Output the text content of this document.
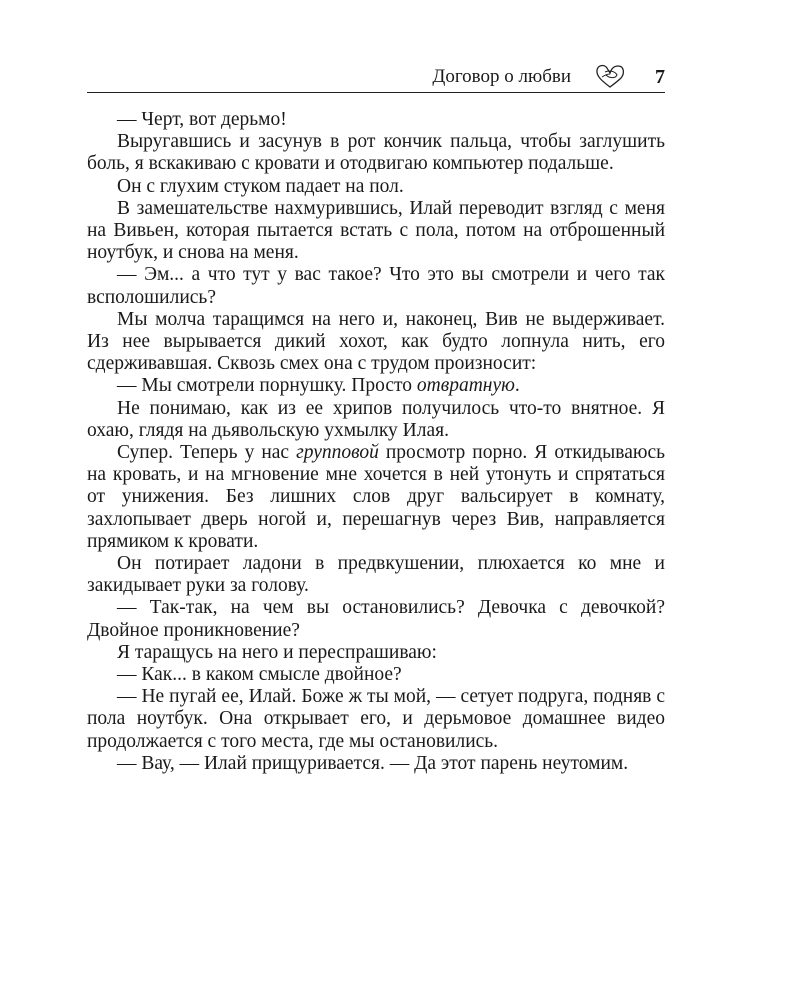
Договор о любви	7

— Черт, вот дерьмо!

Выругавшись и засунув в рот кончик пальца, чтобы заглушить боль, я вскакиваю с кровати и отодвигаю компьютер подальше.

Он с глухим стуком падает на пол.

В замешательстве нахмурившись, Илай переводит взгляд с меня на Вивьен, которая пытается встать с пола, потом на отброшенный ноутбук, и снова на меня.

— Эм... а что тут у вас такое? Что это вы смотрели и чего так всполошились?

Мы молча таращимся на него и, наконец, Вив не выдерживает. Из нее вырывается дикий хохот, как будто лопнула нить, его сдерживавшая. Сквозь смех она с трудом произносит:

— Мы смотрели порнушку. Просто отвратную.

Не понимаю, как из ее хрипов получилось что-то внятное. Я охаю, глядя на дьявольскую ухмылку Илая.

Супер. Теперь у нас групповой просмотр порно. Я откидываюсь на кровать, и на мгновение мне хочется в ней утонуть и спрятаться от унижения. Без лишних слов друг вальсирует в комнату, захлопывает дверь ногой и, перешагнув через Вив, направляется прямиком к кровати.

Он потирает ладони в предвкушении, плюхается ко мне и закидывает руки за голову.

— Так-так, на чем вы остановились? Девочка с девочкой? Двойное проникновение?

Я таращусь на него и переспрашиваю:

— Как... в каком смысле двойное?

— Не пугай ее, Илай. Боже ж ты мой, — сетует подруга, подняв с пола ноутбук. Она открывает его, и дерьмовое домашнее видео продолжается с того места, где мы остановились.

— Вау, — Илай прищуривается. — Да этот парень неутомим.
